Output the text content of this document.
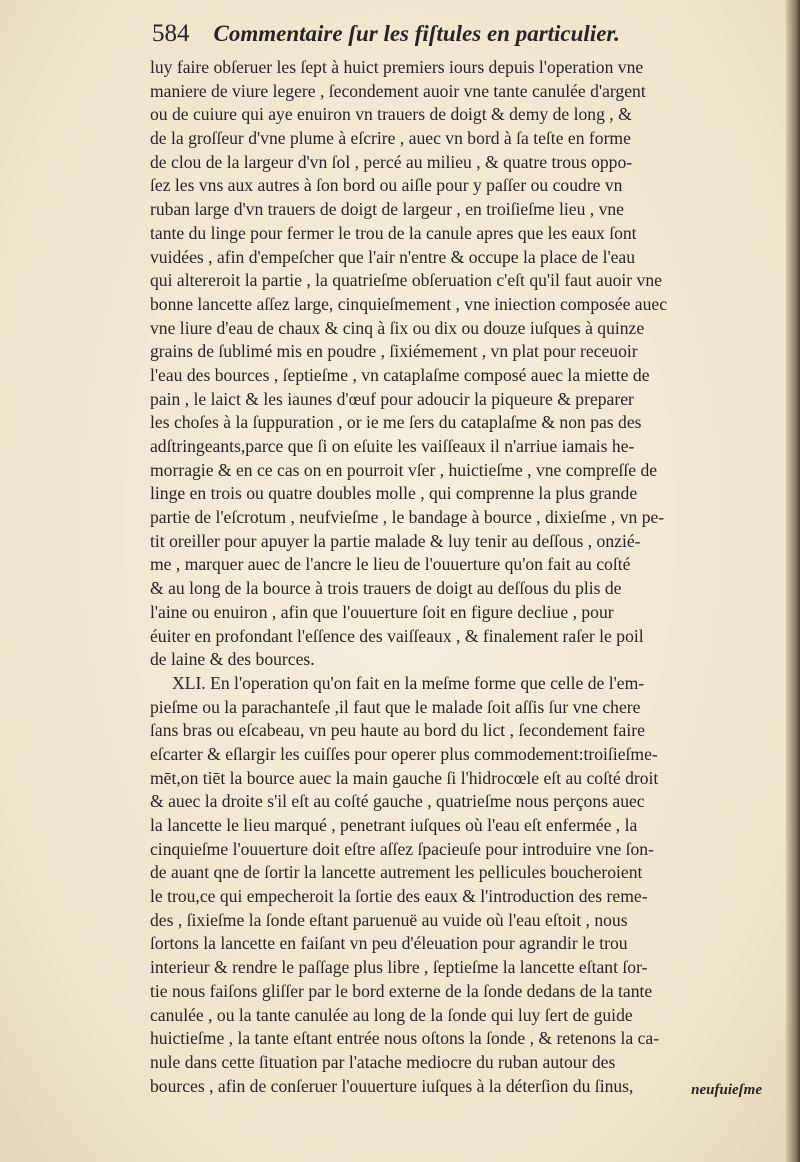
584 Commentaire ſur les fiſtules en particulier.
luy faire obſeruer les ſept à huict premiers iours depuis l'operation vne
maniere de viure legere , ſecondement auoir vne tante canulée d'argent
ou de cuiure qui aye enuiron vn trauers de doigt & demy de long , &
de la groſſeur d'vne plume à eſcrire , auec vn bord à ſa teſte en forme
de clou de la largeur d'vn ſol , percé au milieu , & quatre trous oppo-
ſez les vns aux autres à ſon bord ou aiſle pour y paſſer ou coudre vn
ruban large d'vn trauers de doigt de largeur , en troiſieſme lieu , vne
tante du linge pour fermer le trou de la canule apres que les eaux ſont
vuidées , afin d'empeſcher que l'air n'entre & occupe la place de l'eau
qui altereroit la partie , la quatrieſme obſeruation c'eſt qu'il faut auoir vne
bonne lancette aſſez large, cinquieſmement , vne iniection composée auec
vne liure d'eau de chaux & cinq à ſix ou dix ou douze iuſques à quinze
grains de ſublimé mis en poudre , ſixiémement , vn plat pour receuoir
l'eau des bources , ſeptieſme , vn cataplaſme composé auec la miette de
pain , le laict & les iaunes d'œuf pour adoucir la piqueure & preparer
les choſes à la ſuppuration , or ie me ſers du cataplaſme & non pas des
adſtringeants,parce que ſi on eſuite les vaiſſeaux il n'arriue iamais he-
morragie & en ce cas on en pourroit vſer , huictieſme , vne compreſſe de
linge en trois ou quatre doubles molle , qui comprenne la plus grande
partie de l'eſcrotum , neufvieſme , le bandage à bource , dixieſme , vn pe-
tit oreiller pour apuyer la partie malade & luy tenir au deſſous , onzié-
me , marquer auec de l'ancre le lieu de l'ouuerture qu'on fait au coſté
& au long de la bource à trois trauers de doigt au deſſous du plis de
l'aine ou enuiron , afin que l'ouuerture ſoit en figure decliue , pour
éuiter en profondant l'eſſence des vaiſſeaux , & finalement raſer le poil
de laine & des bources.
XLI. En l'operation qu'on fait en la meſme forme que celle de l'em-
pieſme ou la parachanteſe ,il faut que le malade ſoit aſſis ſur vne chere
ſans bras ou eſcabeau, vn peu haute au bord du lict , ſecondement faire
eſcarter & eſlargir les cuiſſes pour operer plus commodement:troiſieſme-
mēt,on tiēt la bource auec la main gauche ſi l'hidrocœle eſt au coſté droit
& auec la droite s'il eſt au coſté gauche , quatrieſme nous perçons auec
la lancette le lieu marqué , penetrant iuſques où l'eau eſt enfermée , la
cinquieſme l'ouuerture doit eſtre aſſez ſpacieuſe pour introduire vne ſon-
de auant qne de ſortir la lancette autrement les pellicules boucheroient
le trou,ce qui empecheroit la ſortie des eaux & l'introduction des reme-
des , ſixieſme la ſonde eſtant paruenuë au vuide où l'eau eſtoit , nous
ſortons la lancette en faiſant vn peu d'éleuation pour agrandir le trou
interieur & rendre le paſſage plus libre , ſeptieſme la lancette eſtant ſor-
tie nous faiſons gliſſer par le bord externe de la ſonde dedans de la tante
canulée , ou la tante canulée au long de la ſonde qui luy ſert de guide
huictieſme , la tante eſtant entrée nous oſtons la ſonde , & retenons la ca-
nule dans cette ſituation par l'atache mediocre du ruban autour des
bources , afin de conſeruer l'ouuerture iuſques à la déterſion du ſinus,	neufuieſme
